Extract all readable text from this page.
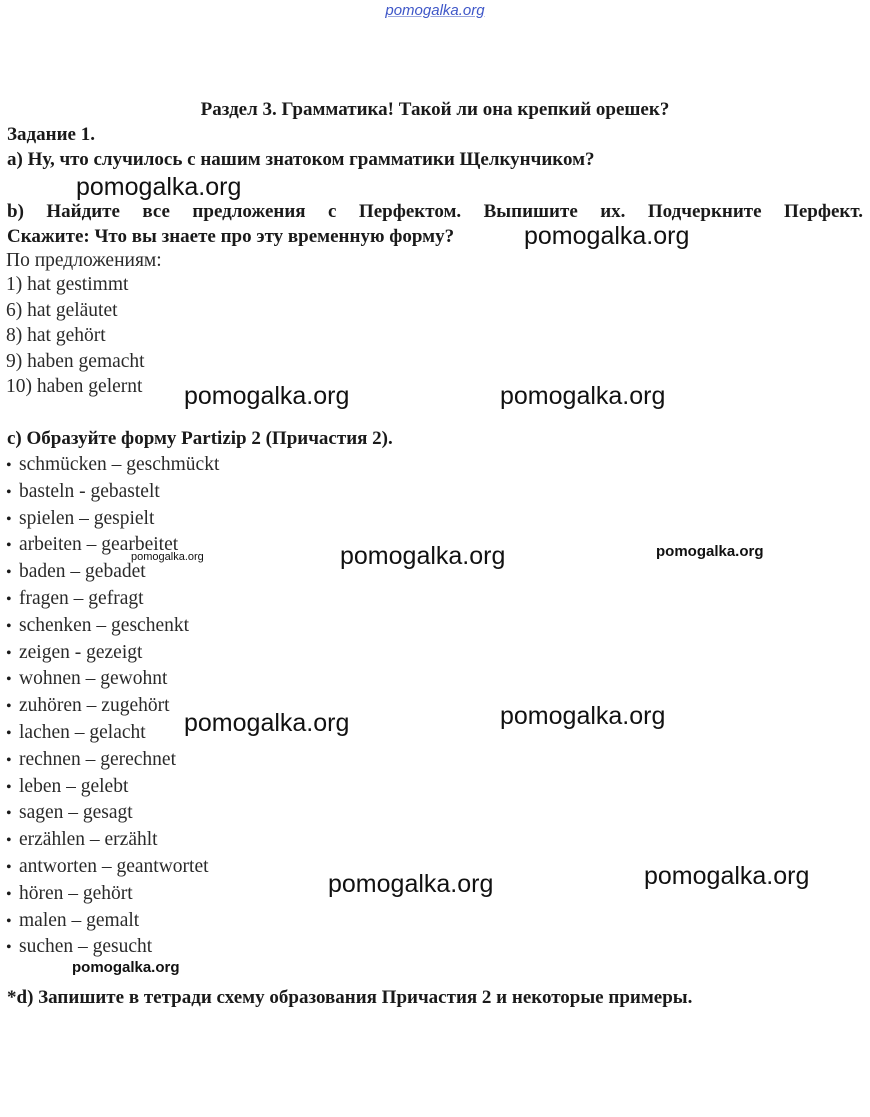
pomogalka.org
Раздел 3. Грамматика! Такой ли она крепкий орешек?
Задание 1.
а) Ну, что случилось с нашим знатоком грамматики Щелкунчиком?
b) Найдите все предложения с Перфектом. Выпишите их. Подчеркните Перфект.
Скажите: Что вы знаете про эту временную форму?
По предложениям:
1) hat gestimmt
6) hat geläutet
8) hat gehört
9) haben gemacht
10) haben gelernt
c) Образуйте форму Partizip 2 (Причастия 2).
• schmücken – geschmückt
• basteln - gebastelt
• spielen – gespielt
• arbeiten – gearbeitet
• baden – gebadet
• fragen – gefragt
• schenken – geschenkt
• zeigen - gezeigt
• wohnen – gewohnt
• zuhören – zugehört
• lachen – gelacht
• rechnen – gerechnet
• leben – gelebt
• sagen – gesagt
• erzählen – erzählt
• antworten – geantwortet
• hören – gehört
• malen – gemalt
• suchen – gesucht
*d) Запишите в тетради схему образования Причастия 2 и некоторые примеры.
pomogalka.org
pomogalka.org
pomogalka.org	pomogalka.org
pomogalka.org	pomogalka.org	pomogalka.org
pomogalka.org	pomogalka.org
pomogalka.org	pomogalka.org
pomogalka.org
